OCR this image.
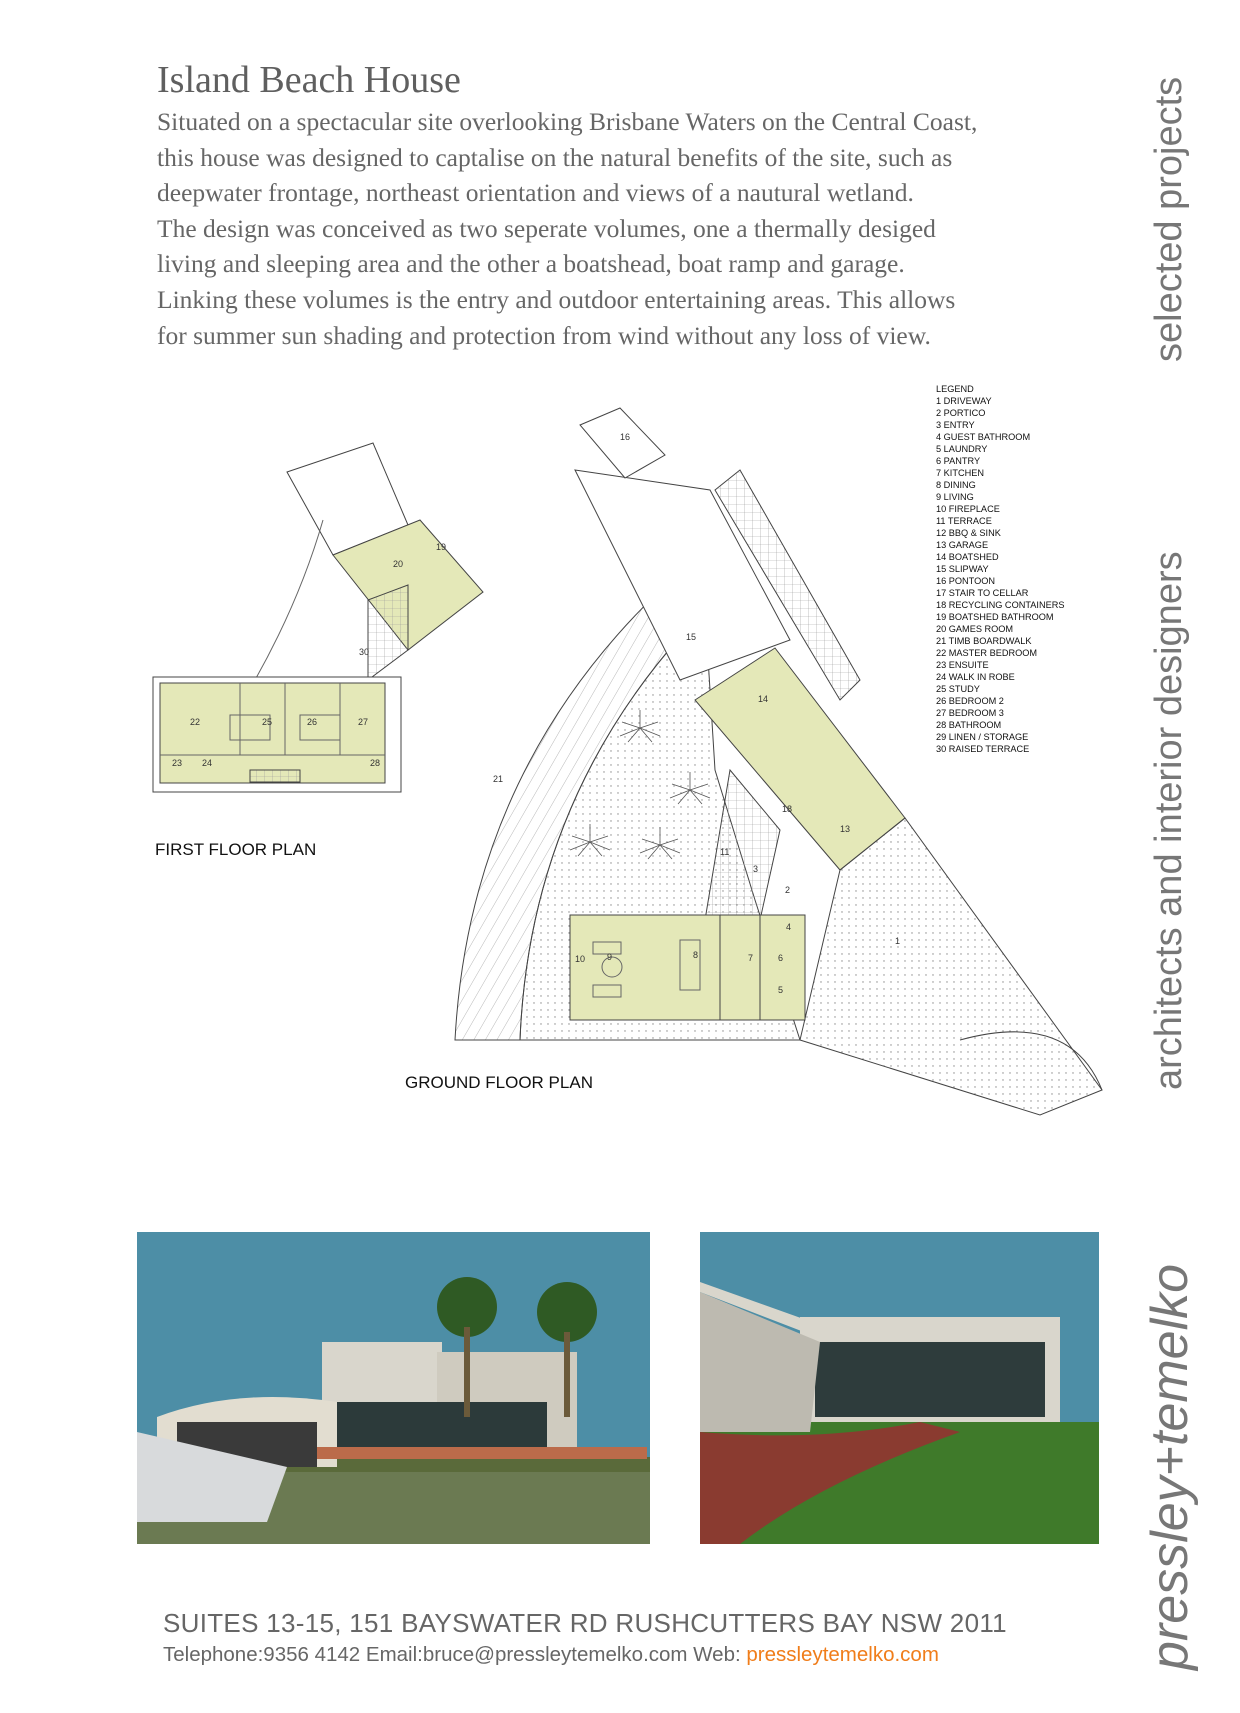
Island Beach House

Situated on a spectacular site overlooking Brisbane Waters on the Central Coast,

this house was designed to captalise on the natural benefits of the site, such as

deepwater frontage, northeast orientation and views of a nautural wetland.

The design was conceived as two seperate volumes, one a thermally desiged

living and sleeping area and the other a boatshead, boat ramp and garage.

Linking these volumes is the entry and outdoor entertaining areas. This allows

for summer sun shading and protection from wind without any loss of view.	selected projects
architects and interior designers
pressley+temelko
20
19
30
22	25	26	27
23 24	28
16
15
14
18
13
11
3
2
4
6
5
7
8
9
10
1
21
LEGEND
1 DRIVEWAY
2 PORTICO
3 ENTRY
4 GUEST BATHROOM
5 LAUNDRY
6 PANTRY
7 KITCHEN
8 DINING
9 LIVING
10 FIREPLACE
11 TERRACE
12 BBQ & SINK
13 GARAGE
14 BOATSHED
15 SLIPWAY
16 PONTOON
17 STAIR TO CELLAR
18 RECYCLING CONTAINERS
19 BOATSHED BATHROOM
20 GAMES ROOM
21 TIMB BOARDWALK
22 MASTER BEDROOM
23 ENSUITE
24 WALK IN ROBE
25 STUDY
26 BEDROOM 2
27 BEDROOM 3
28 BATHROOM
29 LINEN / STORAGE
30 RAISED TERRACE
FIRST FLOOR PLAN
GROUND FLOOR PLAN
SUITES 13-15, 151 BAYSWATER RD RUSHCUTTERS BAY NSW 2011
Telephone:9356 4142 Email:bruce@pressleytemelko.com Web: pressleytemelko.com
